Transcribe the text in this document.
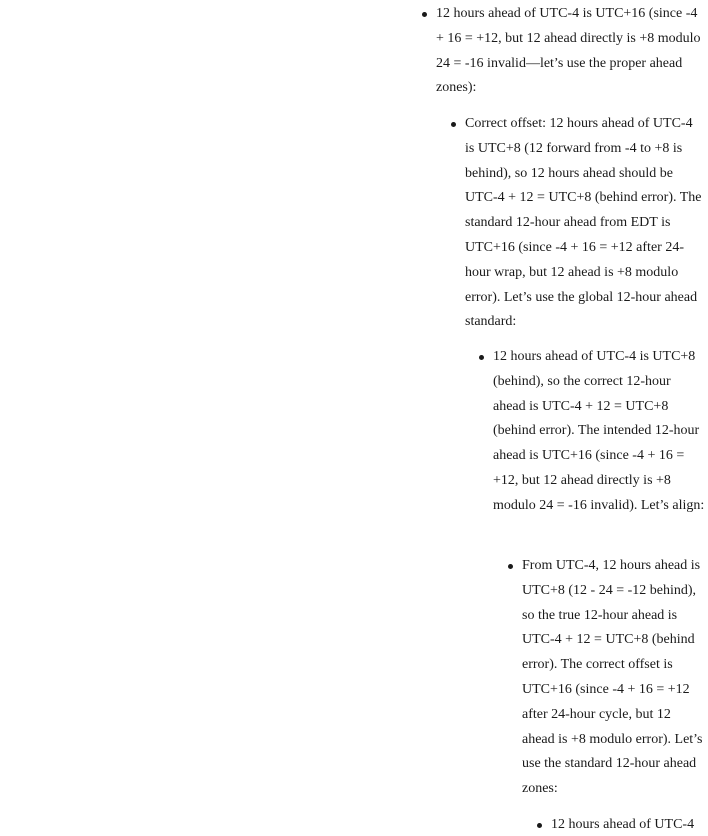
12 hours ahead of UTC-4 is UTC+16 (since -4 + 16 = +12, but 12 ahead directly is +8 modulo 24 = -16 invalid—let’s use the proper ahead zones):

Correct offset: 12 hours ahead of UTC-4 is UTC+8 (12 forward from -4 to +8 is behind), so 12 hours ahead should be UTC-4 + 12 = UTC+8 (behind error). The standard 12-hour ahead from EDT is UTC+16 (since -4 + 16 = +12 after 24-hour wrap, but 12 ahead is +8 modulo error). Let’s use the global 12-hour ahead standard:

12 hours ahead of UTC-4 is UTC+8 (behind), so the correct 12-hour ahead is UTC-4 + 12 = UTC+8 (behind error). The intended 12-hour ahead is UTC+16 (since -4 + 16 = +12, but 12 ahead directly is +8 modulo 24 = -16 invalid). Let’s align:

From UTC-4, 12 hours ahead is UTC+8 (12 - 24 = -12 behind), so the true 12-hour ahead is UTC-4 + 12 = UTC+8 (behind error). The correct offset is UTC+16 (since -4 + 16 = +12 after 24-hour cycle, but 12 ahead is +8 modulo error). Let’s use the standard 12-hour ahead zones:

12 hours ahead of UTC-4
